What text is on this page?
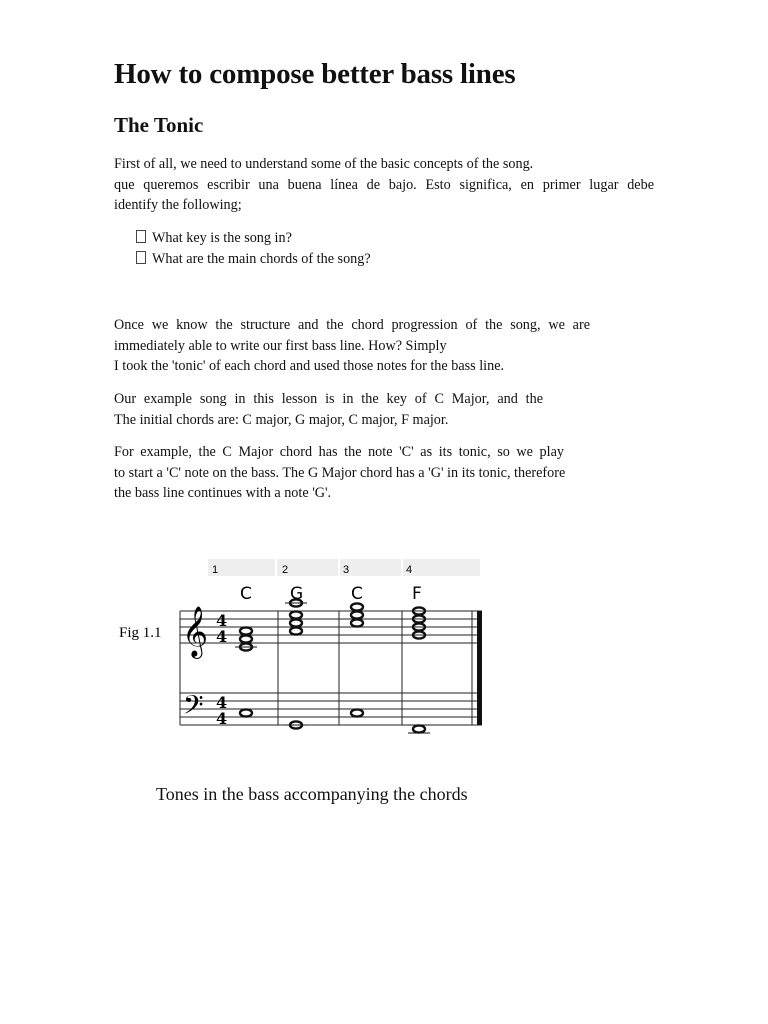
How to compose better bass lines
The Tonic

First of all, we need to understand some of the basic concepts of the song.
que queremos escribir una buena línea de bajo. Esto significa, en primer lugar debe
identify the following;

What key is the song in?
What are the main chords of the song?

Once we know the structure and the chord progression of the song, we are
immediately able to write our first bass line. How? Simply
I took the 'tonic' of each chord and used those notes for the bass line.

Our example song in this lesson is in the key of C Major, and the
The initial chords are: C major, G major, C major, F major.

For example, the C Major chord has the note 'C' as its tonic, so we play
to start a 'C' note on the bass. The G Major chord has a 'G' in its tonic, therefore
the bass line continues with a note 'G'.

1	2	3	4
C G	C	F
Fig 1.1 𝄞
𝄢
4
4
4
4

Tones in the bass accompanying the chords
